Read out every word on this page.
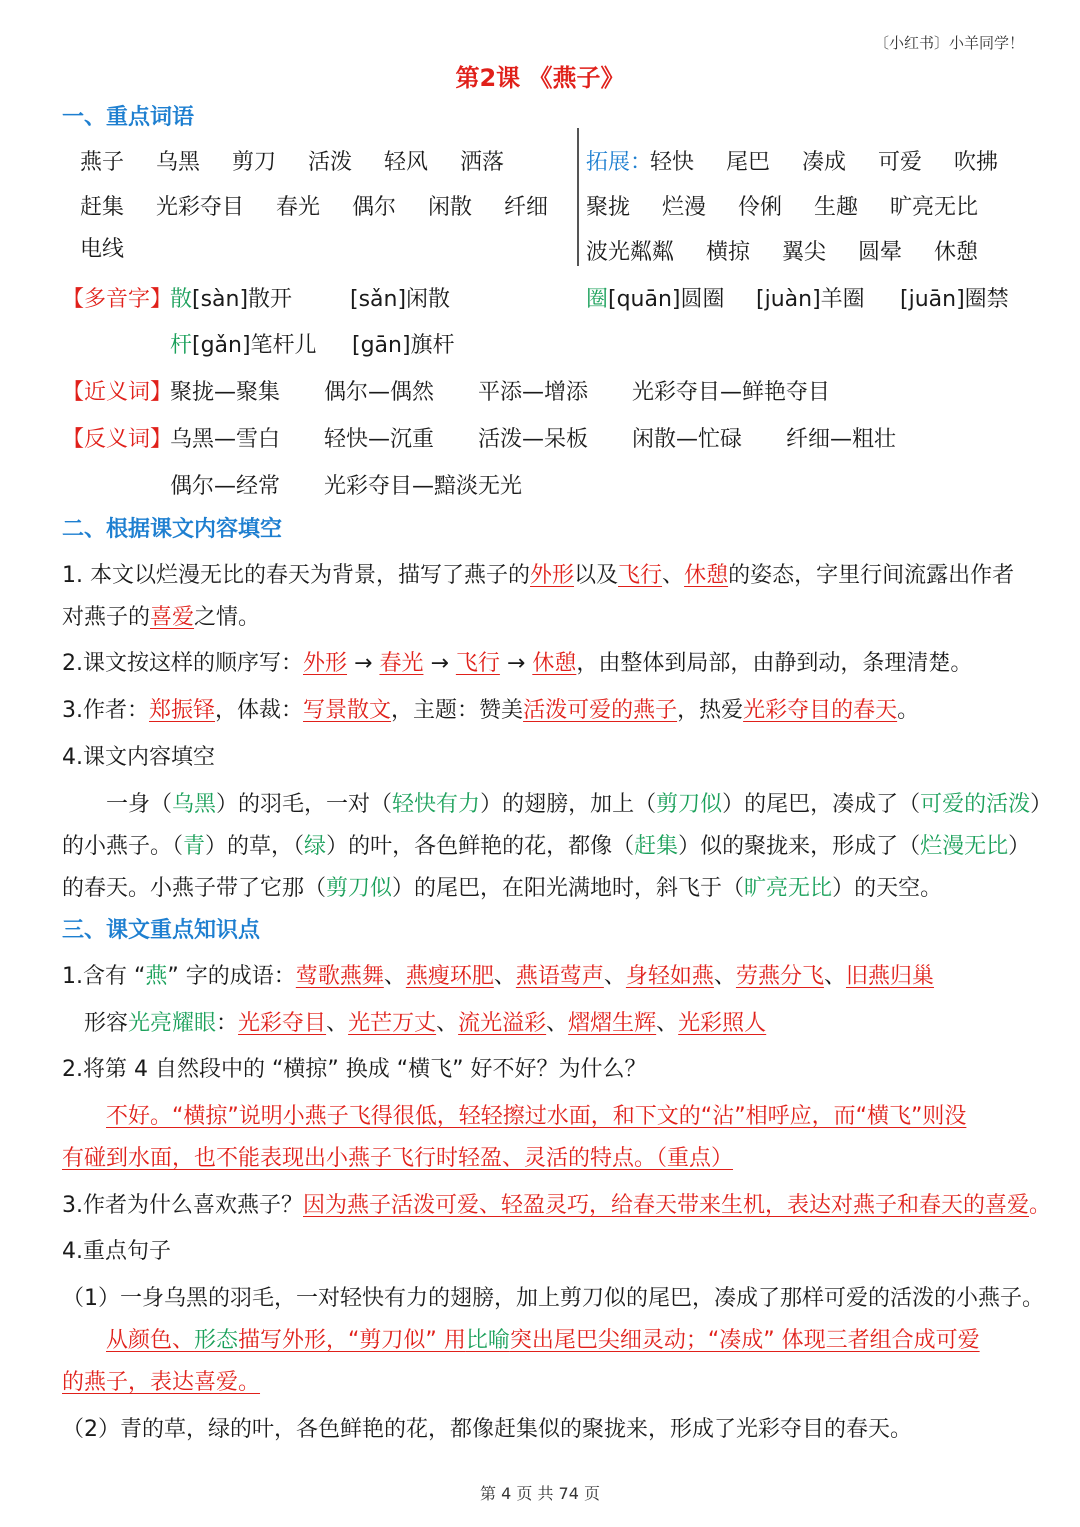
〔小红书〕小羊同学！
第2课 《燕子》
一、重点词语
燕子 乌黑 剪刀 活泼 轻风 洒落
赶集 光彩夺目 春光 偶尔 闲散 纤细
电线
拓展：
轻快 尾巴 凑成 可爱 吹拂
聚拢 烂漫 伶俐 生趣 旷亮无比
波光粼粼 横掠 翼尖 圆晕 休憩
【多音字】
散 [sàn]散开	[sǎn]闲散	圈 [quān]圆圈 [juàn]羊圈 [juān]圈禁
杆 [gǎn]笔杆儿 [gān]旗杆
【近义词】
聚拢—聚集 偶尔—偶然 平添—增添 光彩夺目—鲜艳夺目
【反义词】
乌黑—雪白 轻快—沉重 活泼—呆板 闲散—忙碌 纤细—粗壮
偶尔—经常 光彩夺目—黯淡无光
二、根据课文内容填空
1. 本文以烂漫无比的春天为背景，描写了燕子的外形以及飞行、休憩的姿态，字里行间流露出作者
对燕子的喜爱之情。
2.课文按这样的顺序写：外形 → 春光 → 飞行 → 休憩，由整体到局部，由静到动，条理清楚。
3.作者：郑振铎，体裁：写景散文，主题：赞美活泼可爱的燕子，热爱光彩夺目的春天。
4.课文内容填空
一身（乌黑）的羽毛，一对（轻快有力）的翅膀，加上（剪刀似）的尾巴，凑成了（可爱的活泼）
的小燕子。（青）的草，（绿）的叶，各色鲜艳的花，都像（赶集）似的聚拢来，形成了（烂漫无比）
的春天。小燕子带了它那（剪刀似）的尾巴，在阳光满地时，斜飞于（旷亮无比）的天空。
三、课文重点知识点
1.含有 “燕” 字的成语：莺歌燕舞、燕瘦环肥、燕语莺声、身轻如燕、劳燕分飞、旧燕归巢
形容光亮耀眼：光彩夺目、光芒万丈、流光溢彩、熠熠生辉、光彩照人
2.将第 4 自然段中的 “横掠” 换成 “横飞” 好不好？为什么？
不好。“横掠”说明小燕子飞得很低，轻轻擦过水面，和下文的“沾”相呼应，而“横飞”则没
有碰到水面，也不能表现出小燕子飞行时轻盈、灵活的特点。（重点）
3.作者为什么喜欢燕子？因为燕子活泼可爱、轻盈灵巧，给春天带来生机，表达对燕子和春天的喜爱。
4.重点句子
（1）一身乌黑的羽毛，一对轻快有力的翅膀，加上剪刀似的尾巴，凑成了那样可爱的活泼的小燕子。
从颜色、形态描写外形，“剪刀似” 用比喻突出尾巴尖细灵动；“凑成” 体现三者组合成可爱
的燕子，表达喜爱。
（2）青的草，绿的叶，各色鲜艳的花，都像赶集似的聚拢来，形成了光彩夺目的春天。
第 4 页 共 74 页
